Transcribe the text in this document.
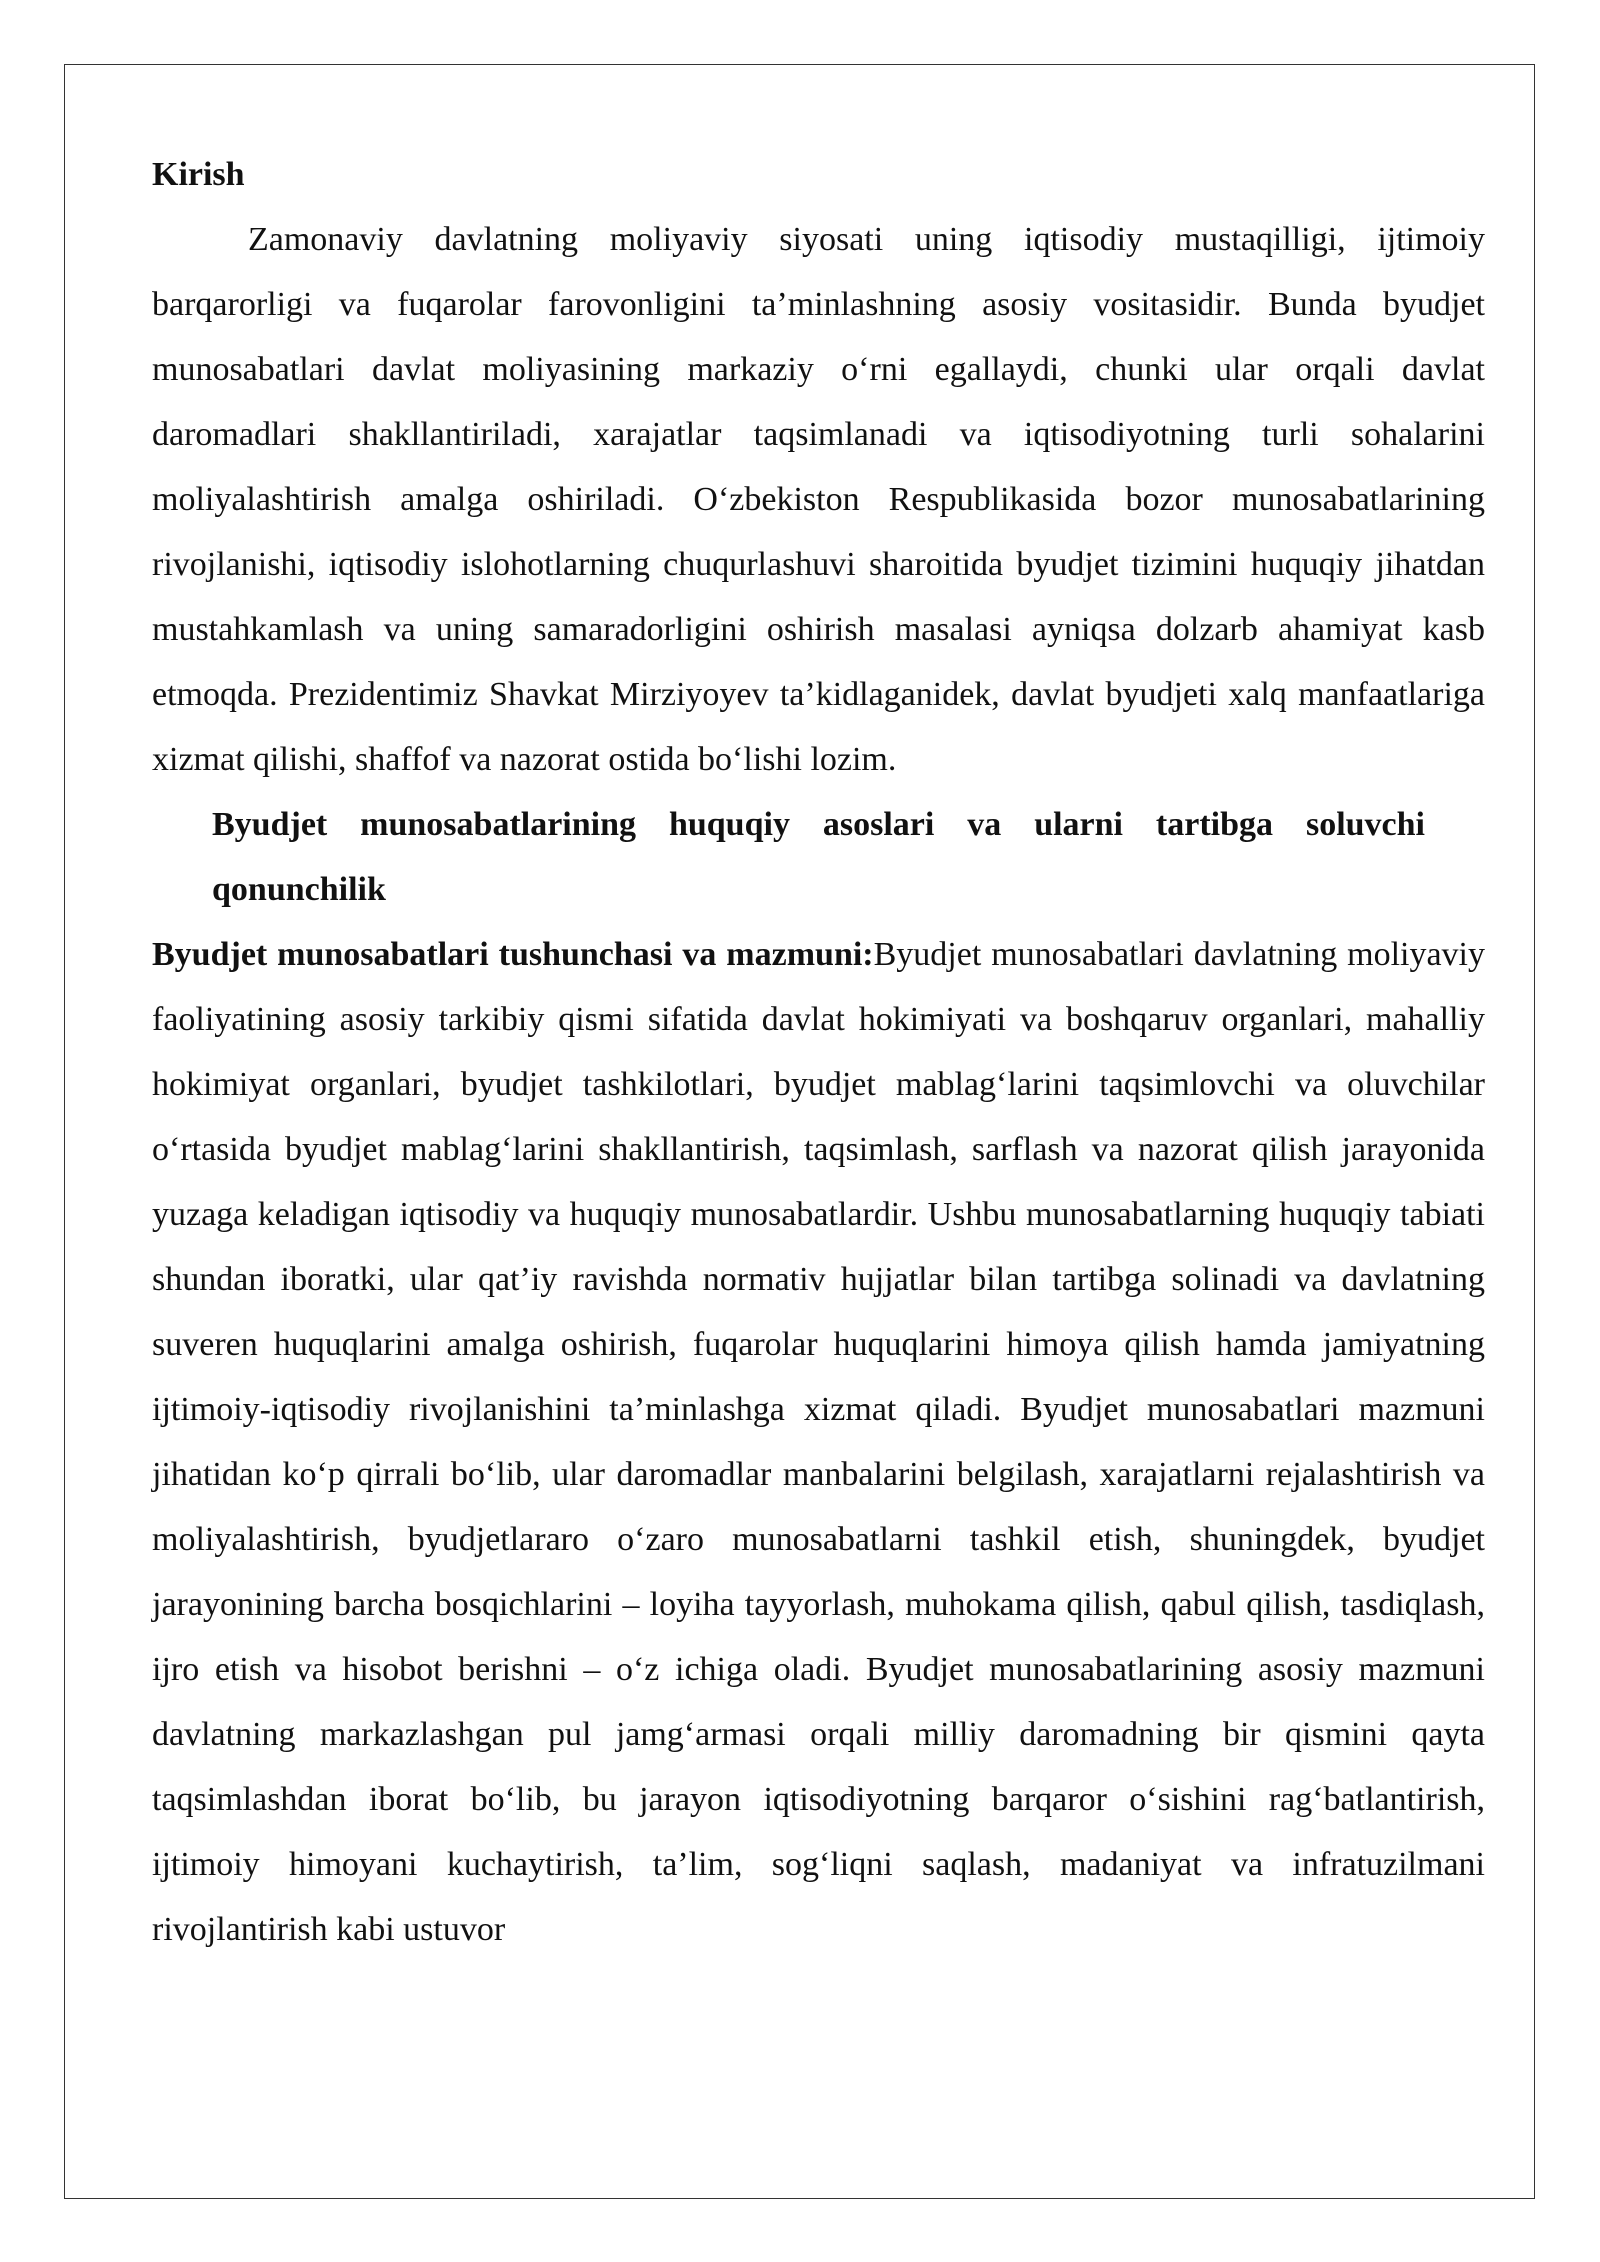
Kirish

Zamonaviy davlatning moliyaviy siyosati uning iqtisodiy mustaqilligi, ijtimoiy barqarorligi va fuqarolar farovonligini ta’minlashning asosiy vositasidir. Bunda byudjet munosabatlari davlat moliyasining markaziy o‘rni egallaydi, chunki ular orqali davlat daromadlari shakllantiriladi, xarajatlar taqsimlanadi va iqtisodiyotning turli sohalarini moliyalashtirish amalga oshiriladi. O‘zbekiston Respublikasida bozor munosabatlarining rivojlanishi, iqtisodiy islohotlarning chuqurlashuvi sharoitida byudjet tizimini huquqiy jihatdan mustahkamlash va uning samaradorligini oshirish masalasi ayniqsa dolzarb ahamiyat kasb etmoqda. Prezidentimiz Shavkat Mirziyoyev ta’kidlaganidek, davlat byudjeti xalq manfaatlariga xizmat qilishi, shaffof va nazorat ostida bo‘lishi lozim.

Byudjet munosabatlarining huquqiy asoslari va ularni tartibga soluvchi qonunchilik

Byudjet munosabatlari tushunchasi va mazmuni:Byudjet munosabatlari davlatning moliyaviy faoliyatining asosiy tarkibiy qismi sifatida davlat hokimiyati va boshqaruv organlari, mahalliy hokimiyat organlari, byudjet tashkilotlari, byudjet mablag‘larini taqsimlovchi va oluvchilar o‘rtasida byudjet mablag‘larini shakllantirish, taqsimlash, sarflash va nazorat qilish jarayonida yuzaga keladigan iqtisodiy va huquqiy munosabatlardir. Ushbu munosabatlarning huquqiy tabiati shundan iboratki, ular qat’iy ravishda normativ hujjatlar bilan tartibga solinadi va davlatning suveren huquqlarini amalga oshirish, fuqarolar huquqlarini himoya qilish hamda jamiyatning ijtimoiy-iqtisodiy rivojlanishini ta’minlashga xizmat qiladi. Byudjet munosabatlari mazmuni jihatidan ko‘p qirrali bo‘lib, ular daromadlar manbalarini belgilash, xarajatlarni rejalashtirish va moliyalashtirish, byudjetlararo o‘zaro munosabatlarni tashkil etish, shuningdek, byudjet jarayonining barcha bosqichlarini – loyiha tayyorlash, muhokama qilish, qabul qilish, tasdiqlash, ijro etish va hisobot berishni – o‘z ichiga oladi. Byudjet munosabatlarining asosiy mazmuni davlatning markazlashgan pul jamg‘armasi orqali milliy daromadning bir qismini qayta taqsimlashdan iborat bo‘lib, bu jarayon iqtisodiyotning barqaror o‘sishini rag‘batlantirish, ijtimoiy himoyani kuchaytirish, ta’lim, sog‘liqni saqlash, madaniyat va infratuzilmani rivojlantirish kabi ustuvor
